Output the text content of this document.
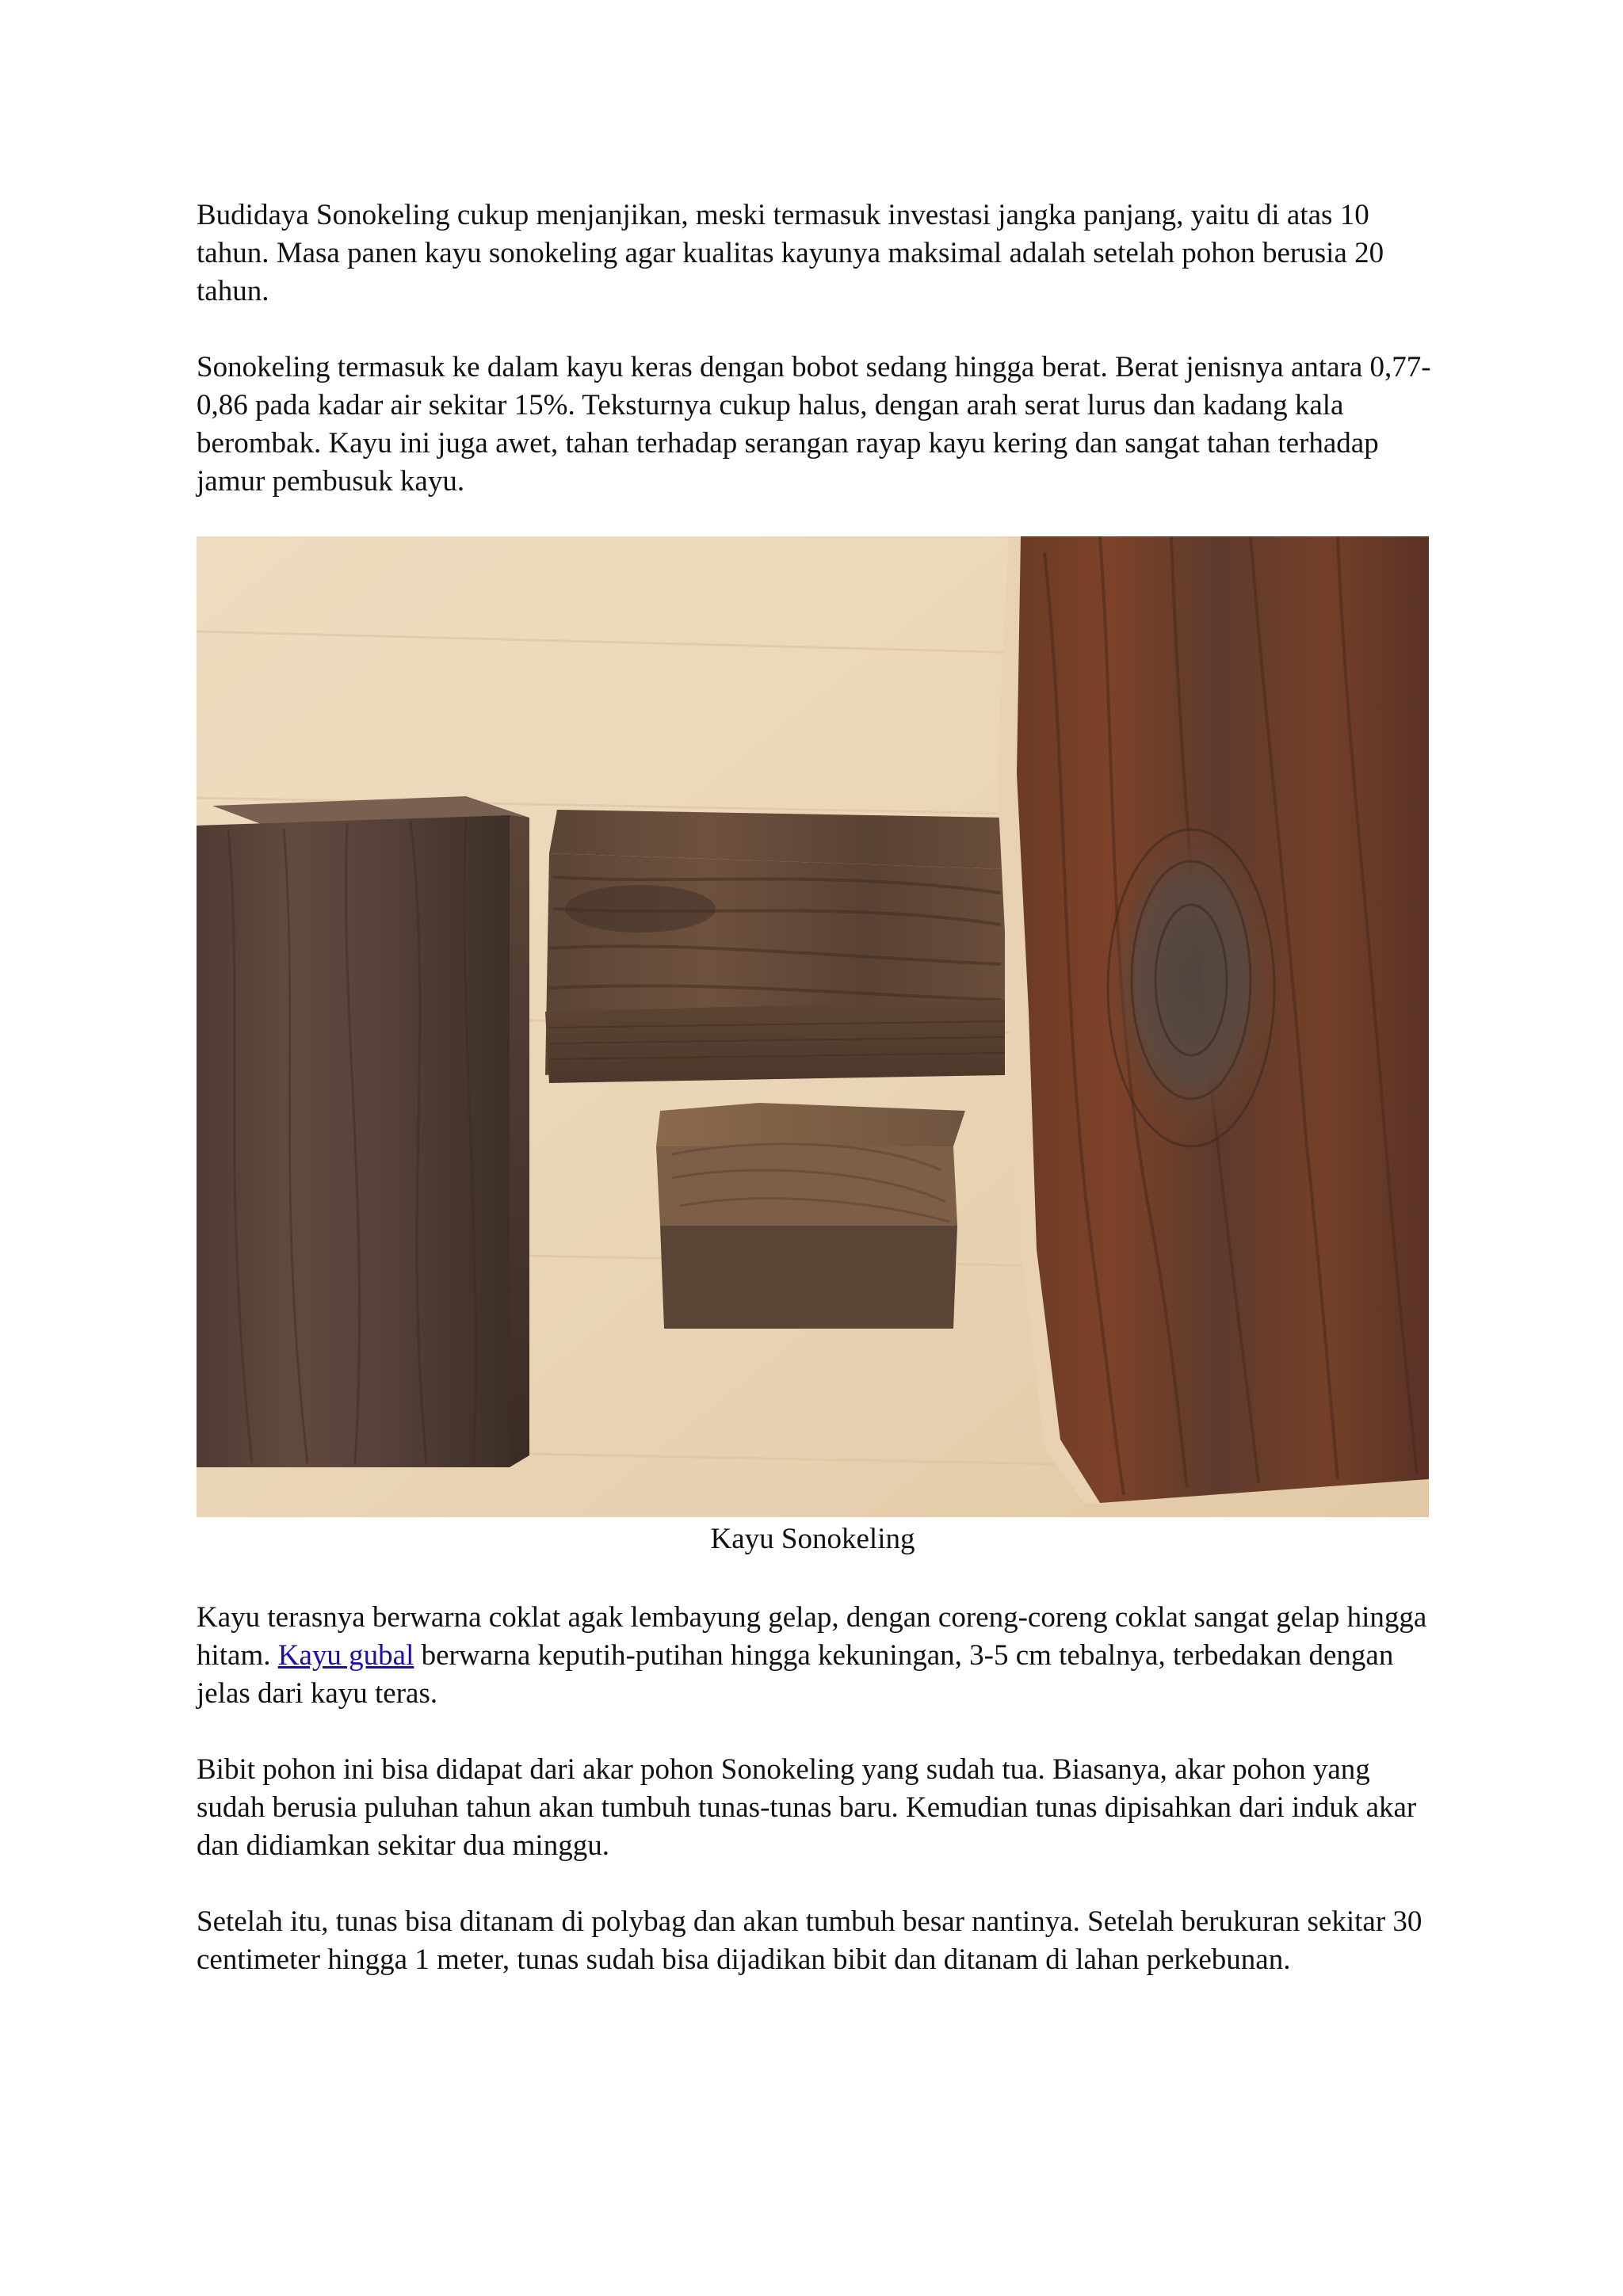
Budidaya Sonokeling cukup menjanjikan, meski termasuk investasi jangka panjang, yaitu di atas 10 tahun. Masa panen kayu sonokeling agar kualitas kayunya maksimal adalah setelah pohon berusia 20 tahun.

Sonokeling termasuk ke dalam kayu keras dengan bobot sedang hingga berat. Berat jenisnya antara 0,77-0,86 pada kadar air sekitar 15%. Teksturnya cukup halus, dengan arah serat lurus dan kadang kala berombak. Kayu ini juga awet, tahan terhadap serangan rayap kayu kering dan sangat tahan terhadap jamur pembusuk kayu.

Kayu Sonokeling

Kayu terasnya berwarna coklat agak lembayung gelap, dengan coreng-coreng coklat sangat gelap hingga hitam. Kayu gubal berwarna keputih-putihan hingga kekuningan, 3-5 cm tebalnya, terbedakan dengan jelas dari kayu teras.

Bibit pohon ini bisa didapat dari akar pohon Sonokeling yang sudah tua. Biasanya, akar pohon yang sudah berusia puluhan tahun akan tumbuh tunas-tunas baru. Kemudian tunas dipisahkan dari induk akar dan didiamkan sekitar dua minggu.

Setelah itu, tunas bisa ditanam di polybag dan akan tumbuh besar nantinya. Setelah berukuran sekitar 30 centimeter hingga 1 meter, tunas sudah bisa dijadikan bibit dan ditanam di lahan perkebunan.
